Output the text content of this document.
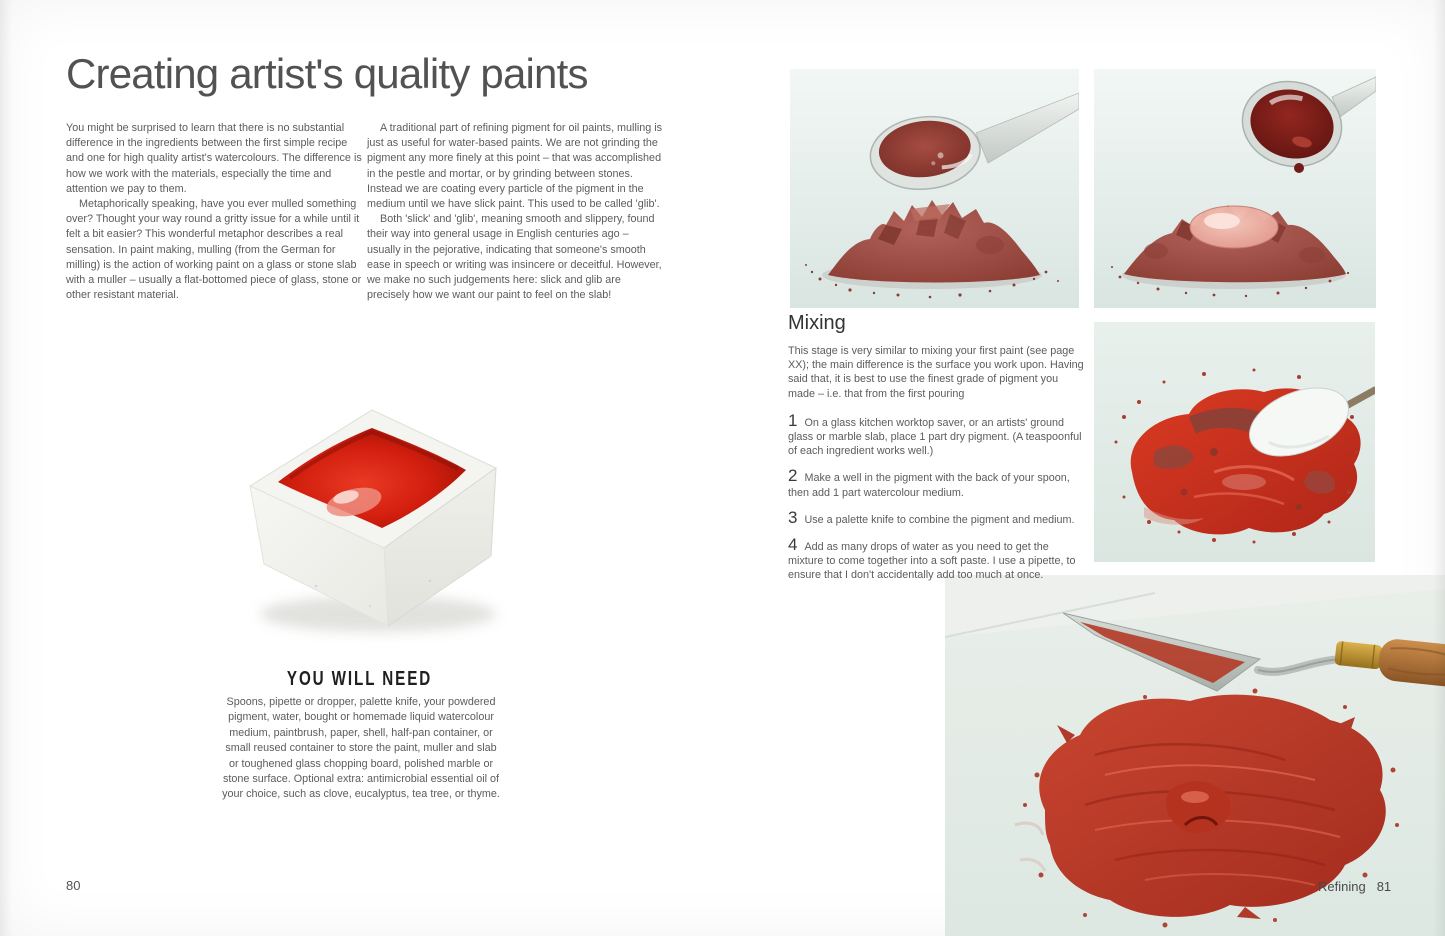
Creating artist's quality paints

You might be surprised to learn that there is no substantial difference in the ingredients between the first simple recipe and one for high quality artist's watercolours. The difference is how we work with the materials, especially the time and attention we pay to them.

Metaphorically speaking, have you ever mulled something over? Thought your way round a gritty issue for a while until it felt a bit easier? This wonderful metaphor describes a real sensation. In paint making, mulling (from the German for milling) is the action of working paint on a glass or stone slab with a muller – usually a flat-bottomed piece of glass, stone or other resistant material.

A traditional part of refining pigment for oil paints, mulling is just as useful for water-based paints. We are not grinding the pigment any more finely at this point – that was accomplished in the pestle and mortar, or by grinding between stones. Instead we are coating every particle of the pigment in the medium until we have slick paint. This used to be called 'glib'.

Both 'slick' and 'glib', meaning smooth and slippery, found their way into general usage in English centuries ago – usually in the pejorative, indicating that someone's smooth ease in speech or writing was insincere or deceitful. However, we make no such judgements here: slick and glib are precisely how we want our paint to feel on the slab!

YOU WILL NEED

Spoons, pipette or dropper, palette knife, your powdered pigment, water, bought or homemade liquid watercolour medium, paintbrush, paper, shell, half-pan container, or small reused container to store the paint, muller and slab or toughened glass chopping board, polished marble or stone surface. Optional extra: antimicrobial essential oil of your choice, such as clove, eucalyptus, tea tree, or thyme.

80
Mixing

This stage is very similar to mixing your first paint (see page XX); the main difference is the surface you work upon. Having said that, it is best to use the finest grade of pigment you made – i.e. that from the first pouring

1 On a glass kitchen worktop saver, or an artists' ground glass or marble slab, place 1 part dry pigment. (A teaspoonful of each ingredient works well.)

2 Make a well in the pigment with the back of your spoon, then add 1 part watercolour medium.

3 Use a palette knife to combine the pigment and medium.

4 Add as many drops of water as you need to get the mixture to come together into a soft paste. I use a pipette, to ensure that I don't accidentally add too much at once.

Refining 81
